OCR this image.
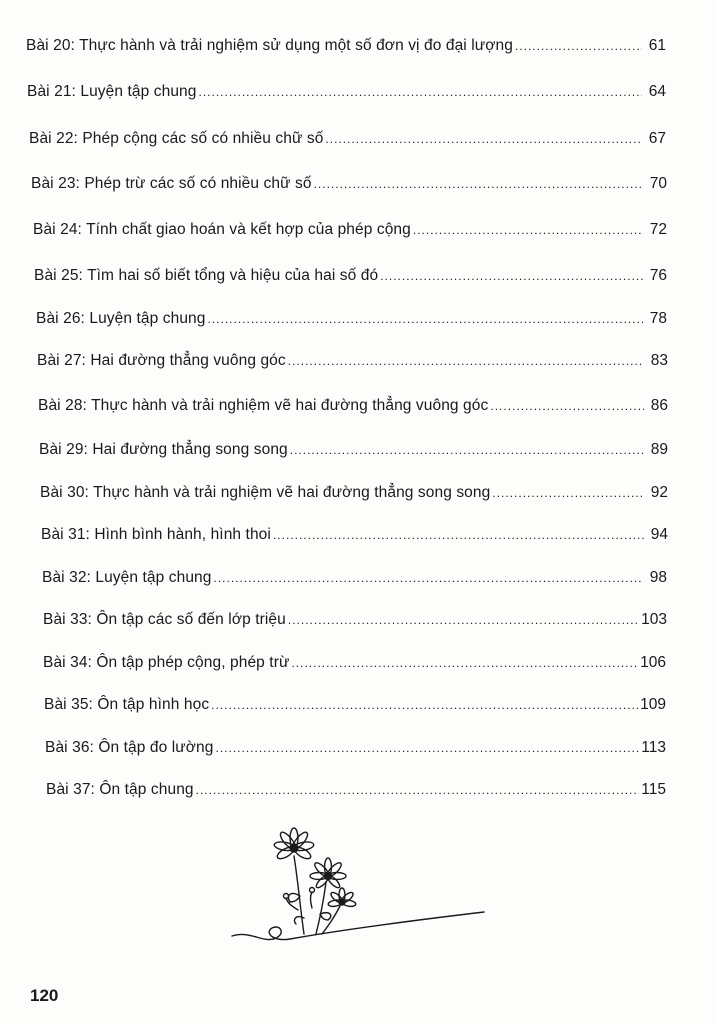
Bài 20: Thực hành và trải nghiệm sử dụng một số đơn vị đo đại lượng .....	61
Bài 21: Luyện tập chung .....	64
Bài 22: Phép cộng các số có nhiều chữ số .....	67
Bài 23: Phép trừ các số có nhiều chữ số .....	70
Bài 24: Tính chất giao hoán và kết hợp của phép cộng .....	72
Bài 25: Tìm hai số biết tổng và hiệu của hai số đó .....	76
Bài 26: Luyện tập chung .....	78
Bài 27: Hai đường thẳng vuông góc .....	83
Bài 28: Thực hành và trải nghiệm vẽ hai đường thẳng vuông góc .....	86
Bài 29: Hai đường thẳng song song .....	89
Bài 30: Thực hành và trải nghiệm vẽ hai đường thẳng song song .....	92
Bài 31: Hình bình hành, hình thoi .....	94
Bài 32: Luyện tập chung .....	98
Bài 33: Ôn tập các số đến lớp triệu .....	103
Bài 34: Ôn tập phép cộng, phép trừ .....	106
Bài 35: Ôn tập hình học .....	109
Bài 36: Ôn tập đo lường .....	113
Bài 37: Ôn tập chung .....	115
120
